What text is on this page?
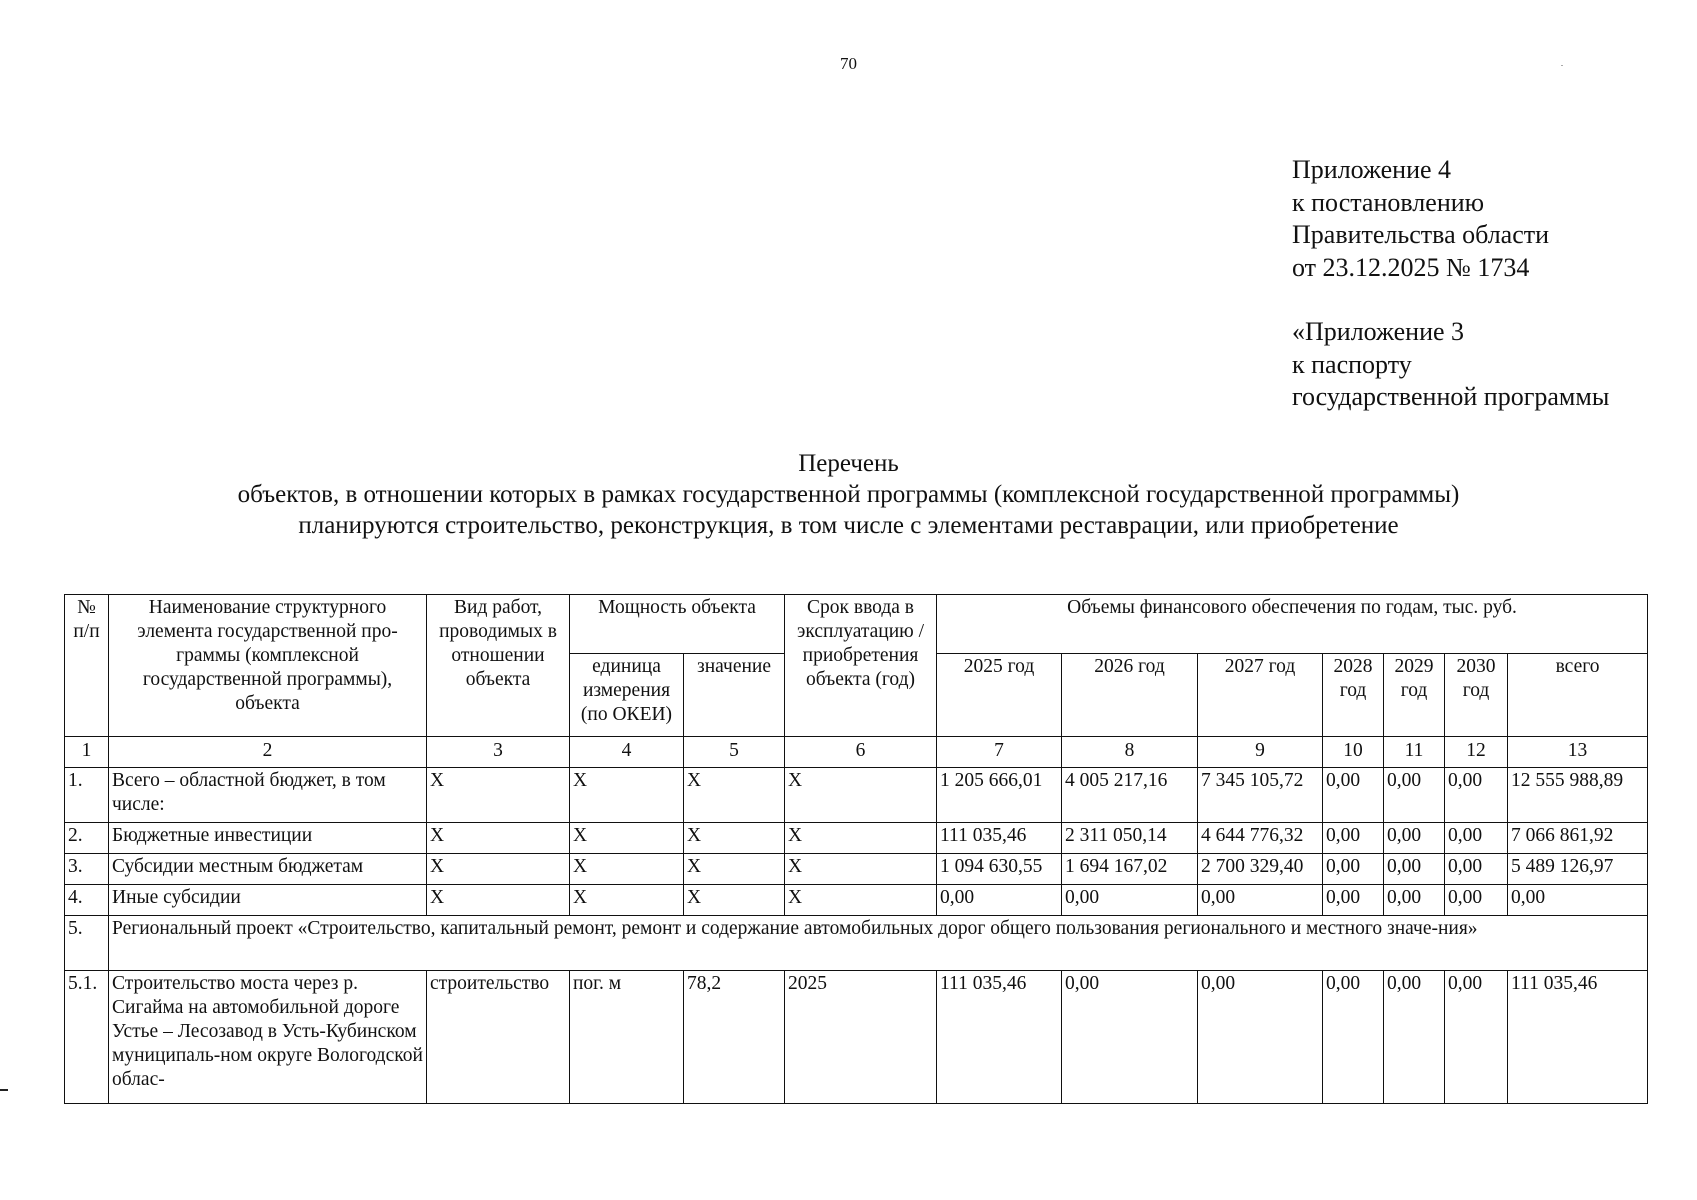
70
Приложение 4
к постановлению
Правительства области
от 23.12.2025 № 1734
«Приложение 3
к паспорту
государственной программы
Перечень
объектов, в отношении которых в рамках государственной программы (комплексной государственной программы)
планируются строительство, реконструкция, в том числе с элементами реставрации, или приобретение
№ п/п	Наименование структурного элемента государственной про-граммы (комплексной государственной программы), объекта	Вид работ, проводимых в отношении объекта	Мощность объекта		Срок ввода в эксплуатацию / приобретения объекта (год)	Объемы финансового обеспечения по годам, тыс. руб.						
			единица измерения (по ОКЕИ)	значение		2025 год	2026 год	2027 год	2028 год	2029 год	2030 год	всего
1	2	3	4	5	6	7	8	9	10	11	12	13
1.	Всего – областной бюджет, в том числе:	Х	Х	Х	Х	1 205 666,01	4 005 217,16	7 345 105,72	0,00	0,00	0,00	12 555 988,89
2.	Бюджетные инвестиции	Х	Х	Х	Х	111 035,46	2 311 050,14	4 644 776,32	0,00	0,00	0,00	7 066 861,92
3.	Субсидии местным бюджетам	Х	Х	Х	Х	1 094 630,55	1 694 167,02	2 700 329,40	0,00	0,00	0,00	5 489 126,97
4.	Иные субсидии	Х	Х	Х	Х	0,00	0,00	0,00	0,00	0,00	0,00	0,00
5.	Региональный проект «Строительство, капитальный ремонт, ремонт и содержание автомобильных дорог общего пользования регионального и местного значе-ния»											
5.1.	Строительство моста через р. Сигайма на автомобильной дороге Устье – Лесозавод в Усть-Кубинском муниципаль-ном округе Вологодской облас-	строительство	пог. м	78,2	2025	111 035,46	0,00	0,00	0,00	0,00	0,00	111 035,46
